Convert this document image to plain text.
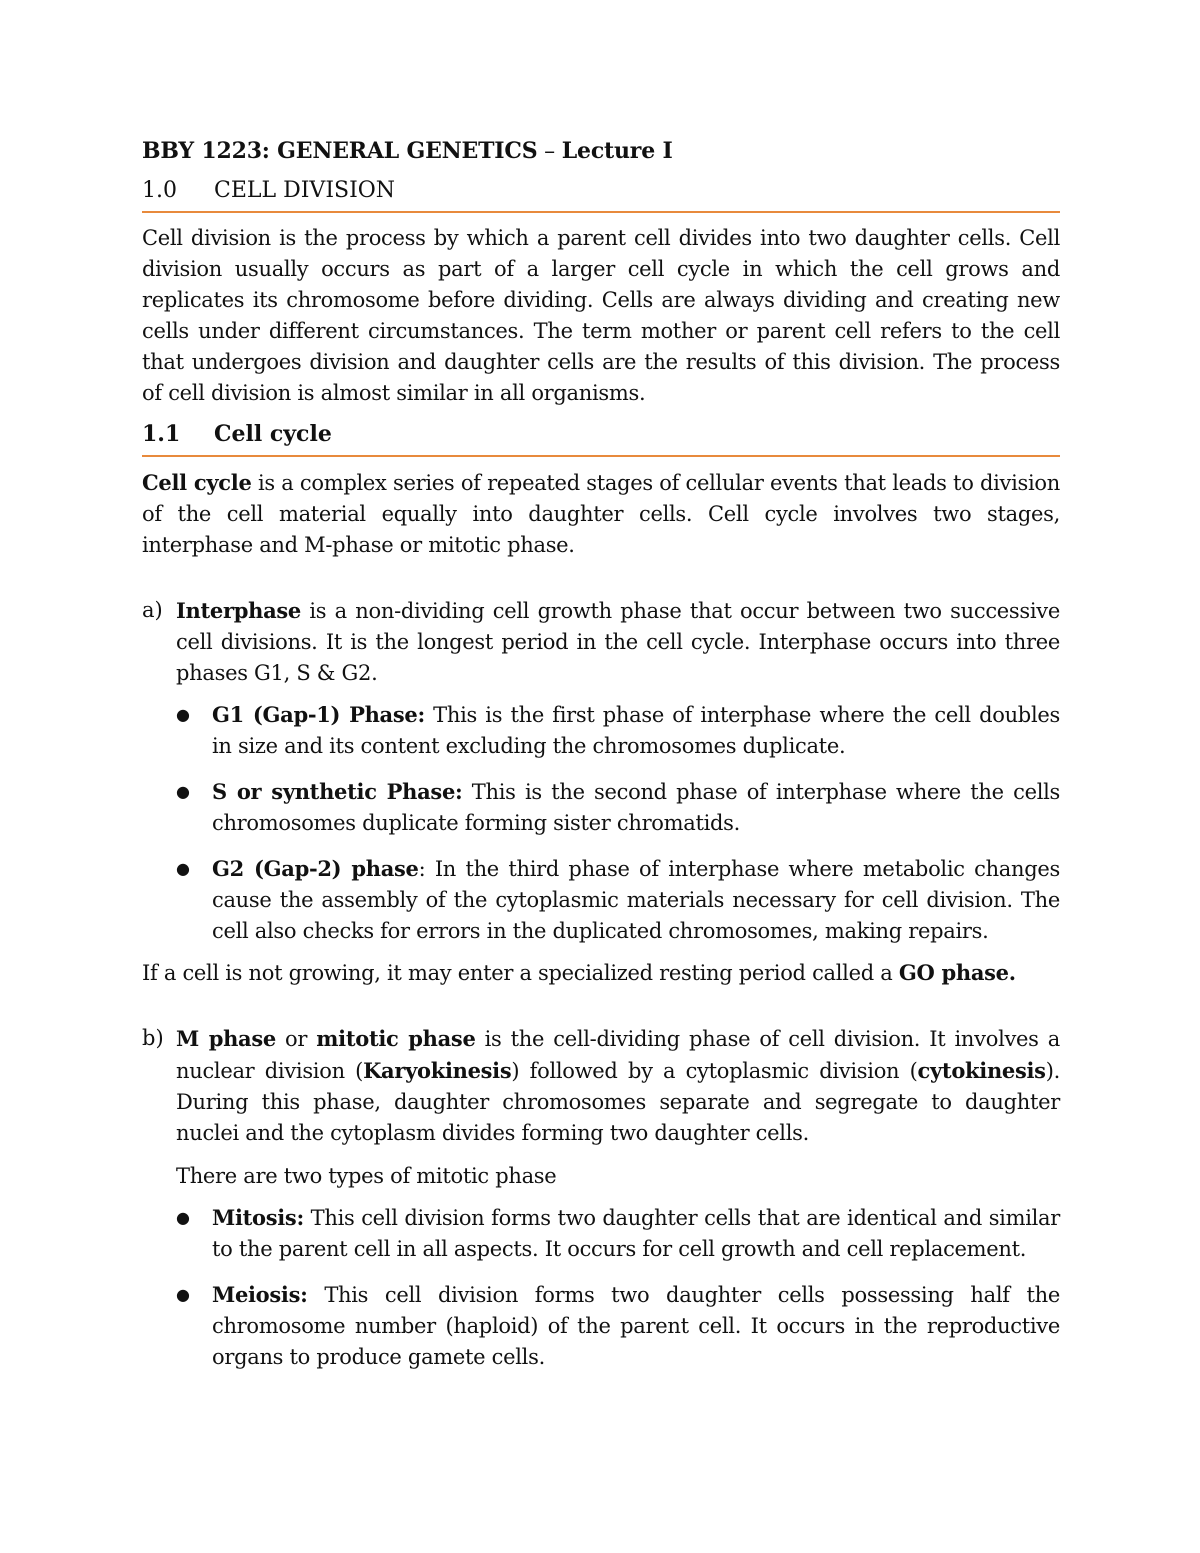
BBY 1223: GENERAL GENETICS – Lecture I
1.0	CELL DIVISION

Cell division is the process by which a parent cell divides into two daughter cells. Cell division usually occurs as part of a larger cell cycle in which the cell grows and replicates its chromosome before dividing. Cells are always dividing and creating new cells under different circumstances. The term mother or parent cell refers to the cell that undergoes division and daughter cells are the results of this division. The process of cell division is almost similar in all organisms.

1.1	Cell cycle

Cell cycle is a complex series of repeated stages of cellular events that leads to division of the cell material equally into daughter cells. Cell cycle involves two stages, interphase and M-phase or mitotic phase.

a) Interphase is a non-dividing cell growth phase that occur between two successive cell divisions. It is the longest period in the cell cycle. Interphase occurs into three phases G1, S & G2.
●	G1 (Gap-1) Phase: This is the first phase of interphase where the cell doubles in size and its content excluding the chromosomes duplicate.
●	S or synthetic Phase: This is the second phase of interphase where the cells chromosomes duplicate forming sister chromatids.
●	G2 (Gap-2) phase: In the third phase of interphase where metabolic changes cause the assembly of the cytoplasmic materials necessary for cell division. The cell also checks for errors in the duplicated chromosomes, making repairs.

If a cell is not growing, it may enter a specialized resting period called a GO phase.

b) M phase or mitotic phase is the cell-dividing phase of cell division. It involves a nuclear division (Karyokinesis) followed by a cytoplasmic division (cytokinesis). During this phase, daughter chromosomes separate and segregate to daughter nuclei and the cytoplasm divides forming two daughter cells.
There are two types of mitotic phase
●	Mitosis: This cell division forms two daughter cells that are identical and similar to the parent cell in all aspects. It occurs for cell growth and cell replacement.
●	Meiosis: This cell division forms two daughter cells possessing half the chromosome number (haploid) of the parent cell. It occurs in the reproductive organs to produce gamete cells.
